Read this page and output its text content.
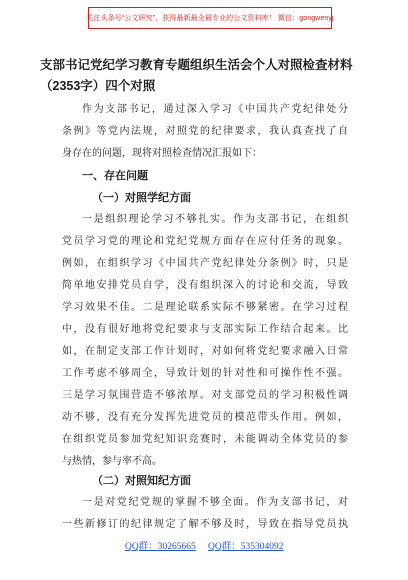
关注头条号“公文研究”，获得最新最全最专业的公文资料库！ 微信：gongwenyj
支部书记党纪学习教育专题组织生活会个人对照检查材料
（2353字）四个对照
作为支部书记，通过深入学习《中国共产党纪律处分
条例》等党内法规，对照党的纪律要求，我认真查找了自
身存在的问题，现将对照检查情况汇报如下：
一、存在问题
（一）对照学纪方面
一是组织理论学习不够扎实。作为支部书记，在组织
党员学习党的理论和党纪党规方面存在应付任务的现象。
例如，在组织学习《中国共产党纪律处分条例》时，只是
简单地安排党员自学，没有组织深入的讨论和交流，导致
学习效果不佳。二是理论联系实际不够紧密。在学习过程
中，没有很好地将党纪要求与支部实际工作结合起来。比
如，在制定支部工作计划时，对如何将党纪要求融入日常
工作考虑不够周全，导致计划的针对性和可操作性不强。
三是学习氛围营造不够浓厚。对支部党员的学习积极性调
动不够，没有充分发挥先进党员的模范带头作用。例如，
在组织党员参加党纪知识竞赛时，未能调动全体党员的参
与热情，参与率不高。
（二）对照知纪方面
一是对党纪党规的掌握不够全面。作为支部书记，对
一些新修订的纪律规定了解不够及时，导致在指导党员执
QQ群：30265665 QQ群：535304092
